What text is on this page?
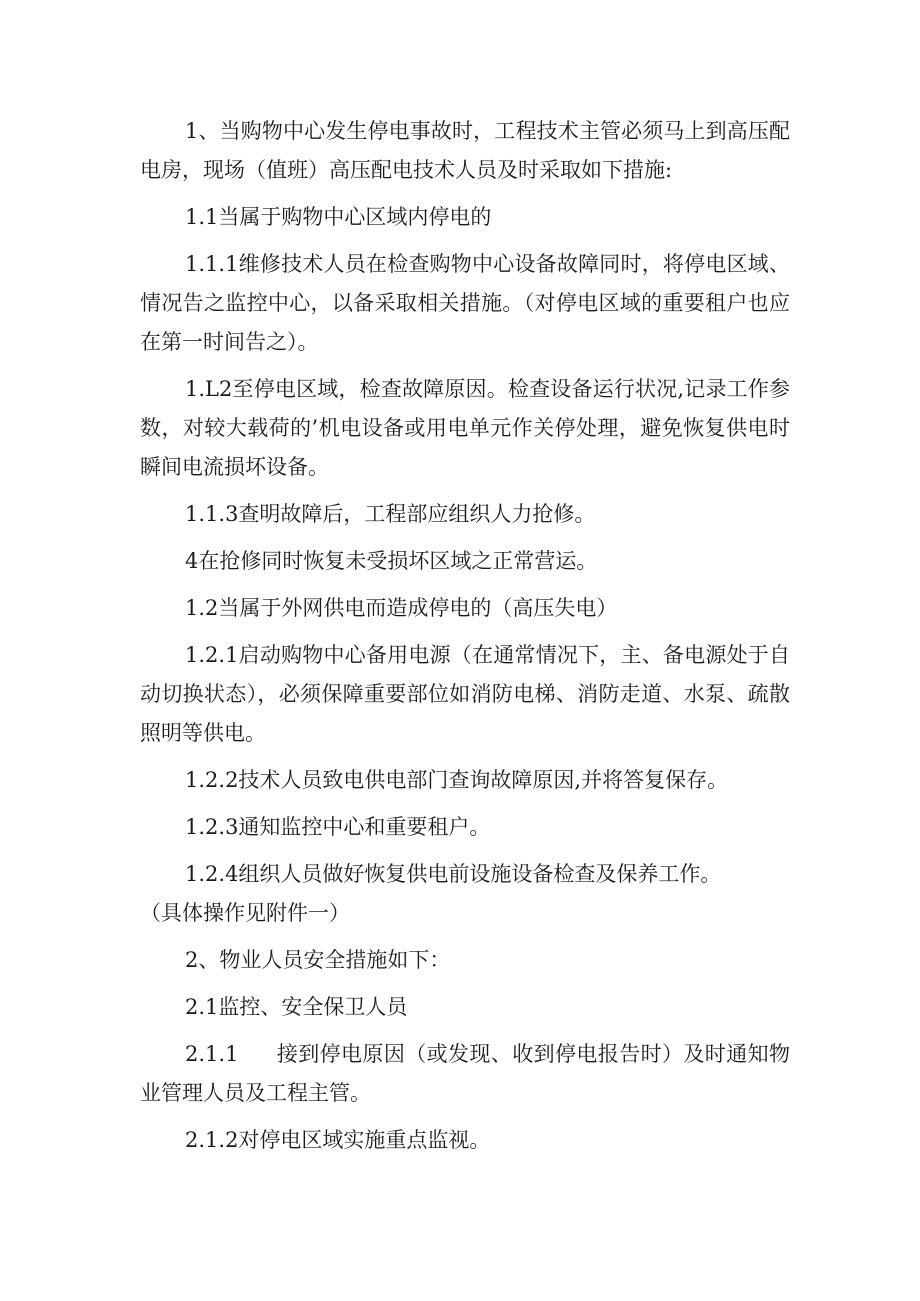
1、当购物中心发生停电事故时，工程技术主管必须马上到高压配电房，现场（值班）高压配电技术人员及时采取如下措施:

1.1当属于购物中心区域内停电的

1.1.1维修技术人员在检查购物中心设备故障同时，将停电区域、情况告之监控中心，以备采取相关措施。（对停电区域的重要租户也应在第一时间告之）。

1.L2至停电区域，检查故障原因。检查设备运行状况,记录工作参数，对较大载荷的’机电设备或用电单元作关停处理，避免恢复供电时瞬间电流损坏设备。

1.1.3查明故障后，工程部应组织人力抢修。

4在抢修同时恢复未受损坏区域之正常营运。

1.2当属于外网供电而造成停电的（高压失电）

1.2.1启动购物中心备用电源（在通常情况下，主、备电源处于自动切换状态），必须保障重要部位如消防电梯、消防走道、水泵、疏散照明等供电。

1.2.2技术人员致电供电部门查询故障原因,并将答复保存。

1.2.3通知监控中心和重要租户。

1.2.4组织人员做好恢复供电前设施设备检查及保养工作。

（具体操作见附件一）

2、物业人员安全措施如下：

2.1监控、安全保卫人员

2.1.1 接到停电原因（或发现、收到停电报告时）及时通知物业管理人员及工程主管。

2.1.2对停电区域实施重点监视。
